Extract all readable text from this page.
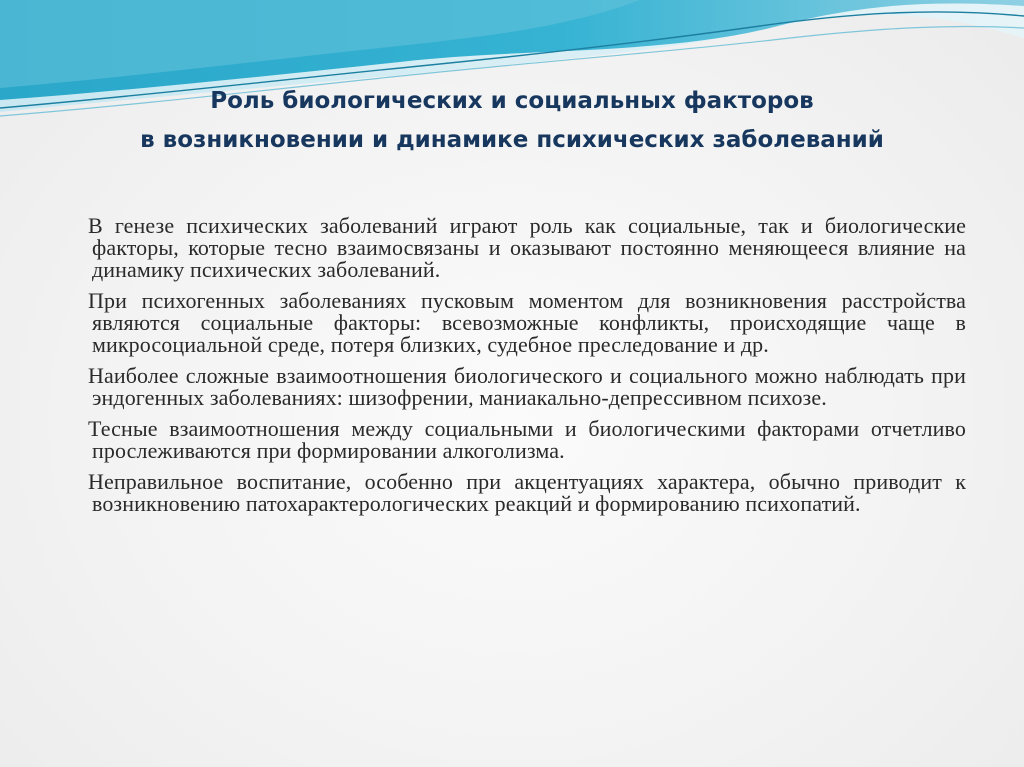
Роль биологических и социальных факторов
в возникновении и динамике психических заболеваний

В генезе психических заболеваний играют роль как социальные, так и биологические факторы, которые тесно взаимосвязаны и оказывают постоянно меняющееся влияние на динамику психических заболеваний.

При психогенных заболеваниях пусковым моментом для возникновения расстройства являются социальные факторы: всевозможные конфликты, происходящие чаще в микросоциальной среде, потеря близких, судебное преследование и др.

Наиболее сложные взаимоотношения биологического и социального можно наблюдать при эндогенных заболеваниях: шизофрении, маниакально-депрессивном психозе.

Тесные взаимоотношения между социальными и биологическими факторами отчетливо прослеживаются при формировании алкоголизма.

Неправильное воспитание, особенно при акцентуациях характера, обычно приводит к возникновению патохарактерологических реакций и формированию психопатий.
